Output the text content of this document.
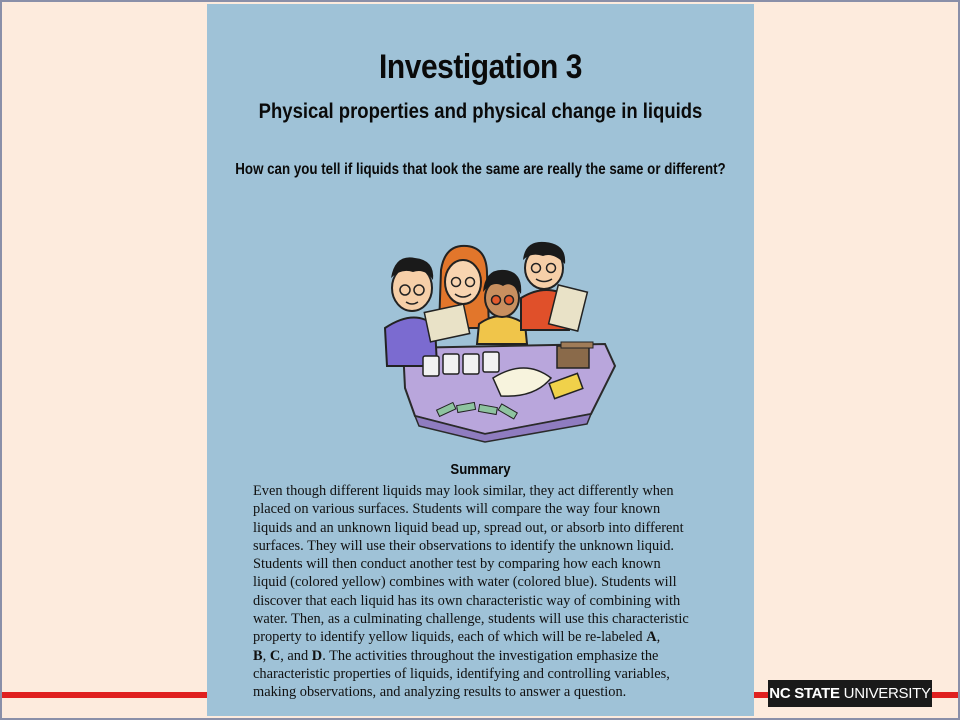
Investigation 3
Physical properties and physical change in liquids
How can you tell if liquids that look the same are really the same or different?
Summary
Even though different liquids may look similar, they act differently when
placed on various surfaces. Students will compare the way four known
liquids and an unknown liquid bead up, spread out, or absorb into different
surfaces. They will use their observations to identify the unknown liquid.
Students will then conduct another test by comparing how each known
liquid (colored yellow) combines with water (colored blue). Students will
discover that each liquid has its own characteristic way of combining with
water. Then, as a culminating challenge, students will use this characteristic
property to identify yellow liquids, each of which will be re-labeled A,
B, C, and D. The activities throughout the investigation emphasize the
characteristic properties of liquids, identifying and controlling variables,
making observations, and analyzing results to answer a question.	NC STATE UNIVERSITY
